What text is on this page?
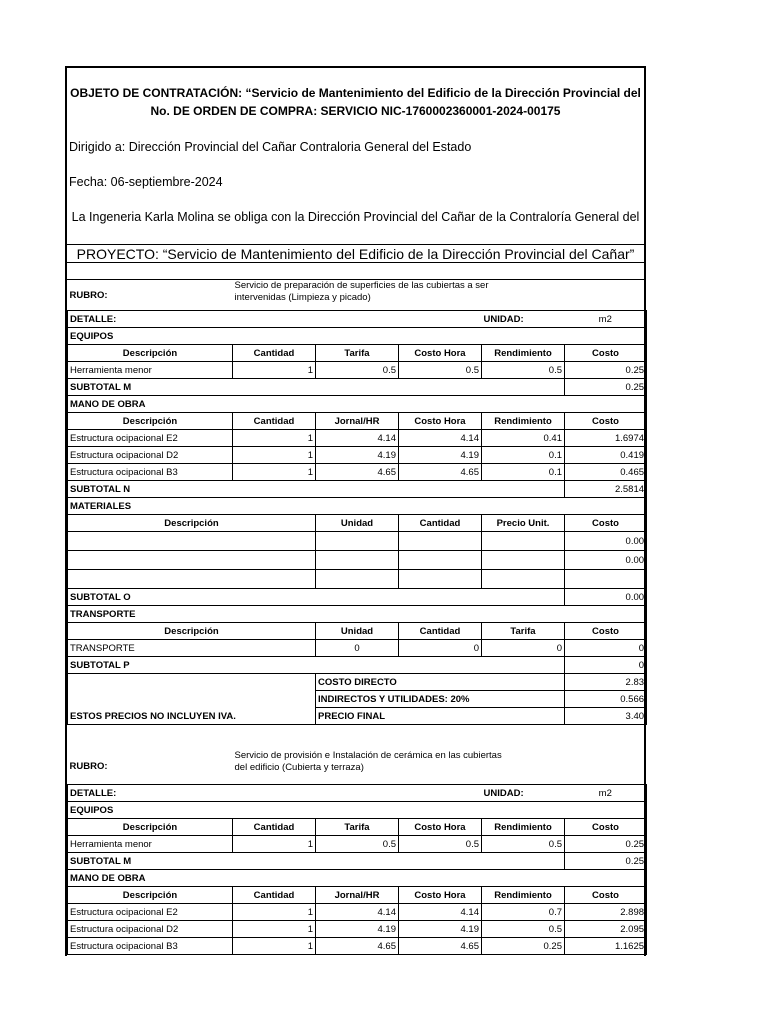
OBJETO DE CONTRATACIÓN: “Servicio de Mantenimiento del Edificio de la Dirección Provincial del
No. DE ORDEN DE COMPRA: SERVICIO NIC-1760002360001-2024-00175
Dirigido a: Dirección Provincial del Cañar Contraloria General del Estado
Fecha: 06-septiembre-2024
La Ingeneria Karla Molina se obliga con la Dirección Provincial del Cañar de la Contraloría General del
PROYECTO: “Servicio de Mantenimiento del Edificio de la Dirección Provincial del Cañar”
RUBRO:	Servicio de preparación de superficies de las cubiertas a ser
intervenidas (Limpieza y picado)				

DETALLE:				UNIDAD:	m2
EQUIPOS					
Descripción	Cantidad	Tarifa	Costo Hora	Rendimiento	Costo
Herramienta menor	1	0.5	0.5	0.5	0.25
SUBTOTAL M					0.25
MANO DE OBRA					
Descripción	Cantidad	Jornal/HR	Costo Hora	Rendimiento	Costo
Estructura ocipacional E2	1	4.14	4.14	0.41	1.6974
Estructura ocipacional D2	1	4.19	4.19	0.1	0.419
Estructura ocipacional B3	1	4.65	4.65	0.1	0.465
SUBTOTAL N					2.5814
MATERIALES					
Descripción		Unidad	Cantidad	Precio Unit.	Costo
					0.00
					0.00

SUBTOTAL O					0.00
TRANSPORTE					
Descripción		Unidad	Cantidad	Tarifa	Costo
TRANSPORTE		0	0	0	0
SUBTOTAL P					0
ESTOS PRECIOS NO INCLUYEN IVA.		COSTO DIRECTO			2.83
		INDIRECTOS Y UTILIDADES: 20%			0.566
		PRECIO FINAL			3.40
RUBRO:	Servicio de provisión e Instalación de cerámica en las cubiertas
del edificio (Cubierta y terraza)				

DETALLE:				UNIDAD:	m2
EQUIPOS					
Descripción	Cantidad	Tarifa	Costo Hora	Rendimiento	Costo
Herramienta menor	1	0.5	0.5	0.5	0.25
SUBTOTAL M					0.25
MANO DE OBRA					
Descripción	Cantidad	Jornal/HR	Costo Hora	Rendimiento	Costo
Estructura ocipacional E2	1	4.14	4.14	0.7	2.898
Estructura ocipacional D2	1	4.19	4.19	0.5	2.095
Estructura ocipacional B3	1	4.65	4.65	0.25	1.1625
